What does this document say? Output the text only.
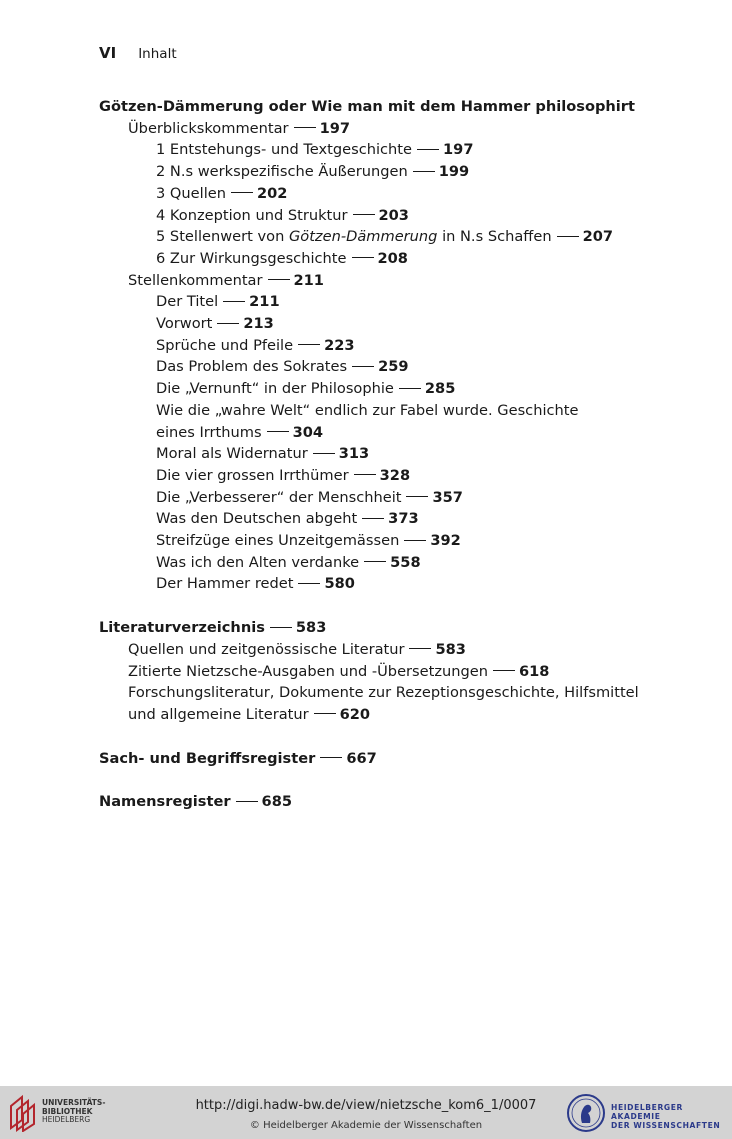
VI Inhalt
Götzen-Dämmerung oder Wie man mit dem Hammer philosophirt
Überblickskommentar 197
1 Entstehungs- und Textgeschichte 197
2 N.s werkspezifische Äußerungen 199
3 Quellen 202
4 Konzeption und Struktur 203
5 Stellenwert von Götzen-Dämmerung in N.s Schaffen 207
6 Zur Wirkungsgeschichte 208
Stellenkommentar 211
Der Titel 211
Vorwort 213
Sprüche und Pfeile 223
Das Problem des Sokrates 259
Die „Vernunft“ in der Philosophie 285
Wie die „wahre Welt“ endlich zur Fabel wurde. Geschichte eines Irrthums 304
Moral als Widernatur 313
Die vier grossen Irrthümer 328
Die „Verbesserer“ der Menschheit 357
Was den Deutschen abgeht 373
Streifzüge eines Unzeitgemässen 392
Was ich den Alten verdanke 558
Der Hammer redet 580
Literaturverzeichnis 583
Quellen und zeitgenössische Literatur 583
Zitierte Nietzsche-Ausgaben und -Übersetzungen 618
Forschungsliteratur, Dokumente zur Rezeptionsgeschichte, Hilfsmittel und allgemeine Literatur 620
Sach- und Begriffsregister 667
Namensregister 685
UNIVERSITÄTS-
BIBLIOTHEK
HEIDELBERG
http://digi.hadw-bw.de/view/nietzsche_kom6_1/0007
© Heidelberger Akademie der Wissenschaften
HEIDELBERGER AKADEMIE
DER WISSENSCHAFTEN
